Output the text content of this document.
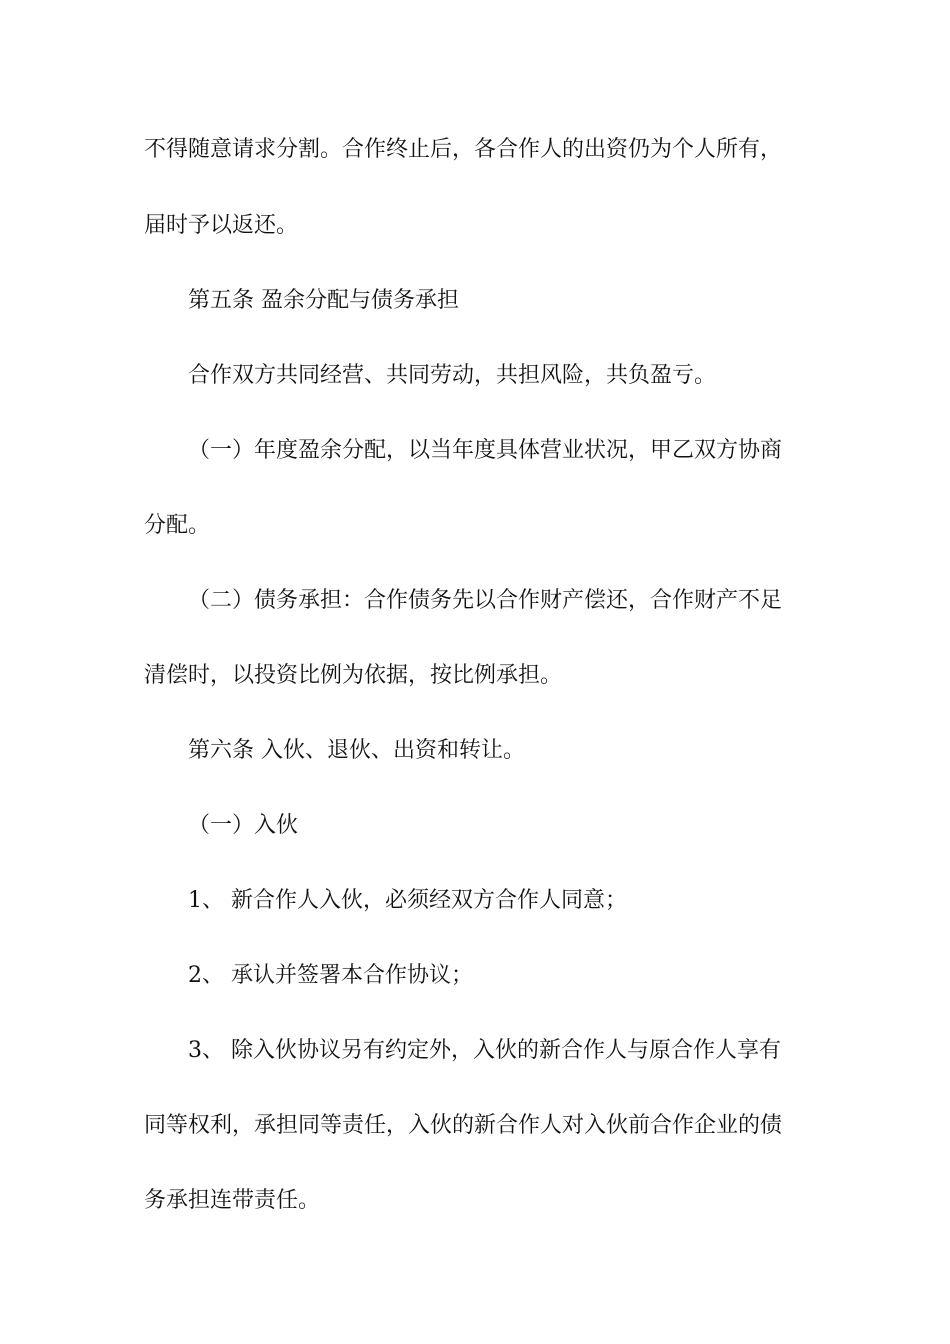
不得随意请求分割。合作终止后，各合作人的出资仍为个人所有，
届时予以返还。
第五条 盈余分配与债务承担
合作双方共同经营、共同劳动，共担风险，共负盈亏。
（一）年度盈余分配，以当年度具体营业状况，甲乙双方协商
分配。
（二）债务承担：合作债务先以合作财产偿还，合作财产不足
清偿时，以投资比例为依据，按比例承担。
第六条 入伙、退伙、出资和转让。
（一）入伙
1、 新合作人入伙，必须经双方合作人同意；
2、 承认并签署本合作协议；
3、 除入伙协议另有约定外，入伙的新合作人与原合作人享有
同等权利，承担同等责任，入伙的新合作人对入伙前合作企业的债
务承担连带责任。
